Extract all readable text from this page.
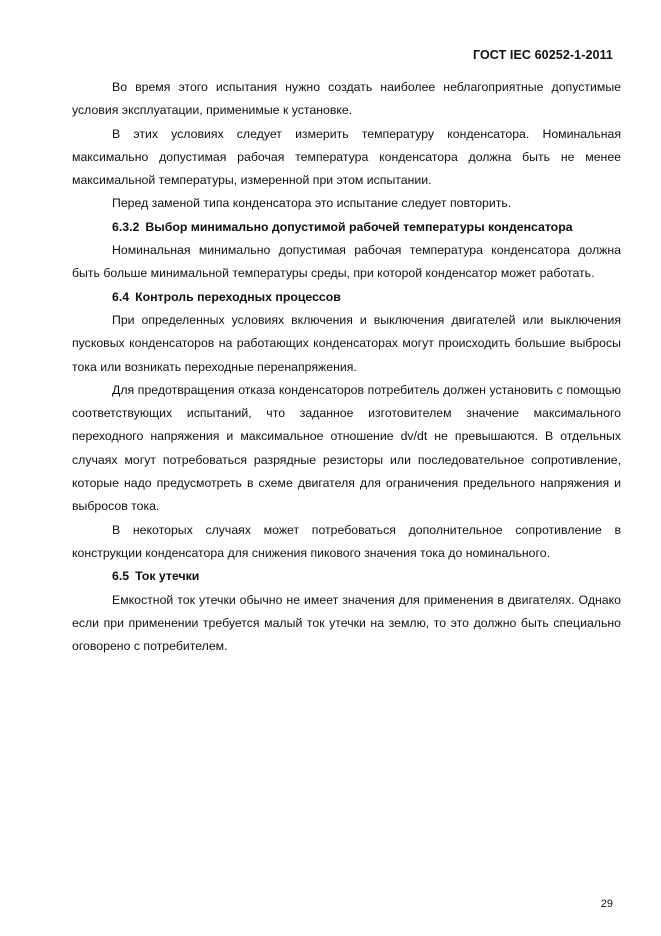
ГОСТ IEC 60252-1-2011

Во время этого испытания нужно создать наиболее неблагоприятные допустимые условия эксплуатации, применимые к установке.

В этих условиях следует измерить температуру конденсатора. Номинальная максимально допустимая рабочая температура конденсатора должна быть не менее максимальной температуры, измеренной при этом испытании.

Перед заменой типа конденсатора это испытание следует повторить.

6.3.2 Выбор минимально допустимой рабочей температуры конденсатора

Номинальная минимально допустимая рабочая температура конденсатора должна быть больше минимальной температуры среды, при которой конденсатор может работать.

6.4 Контроль переходных процессов

При определенных условиях включения и выключения двигателей или выключения пусковых конденсаторов на работающих конденсаторах могут происходить большие выбросы тока или возникать переходные перенапряжения.

Для предотвращения отказа конденсаторов потребитель должен установить с помощью соответствующих испытаний, что заданное изготовителем значение максимального переходного напряжения и максимальное отношение dv/dt не превышаются. В отдельных случаях могут потребоваться разрядные резисторы или последовательное сопротивление, которые надо предусмотреть в схеме двигателя для ограничения предельного напряжения и выбросов тока.

В некоторых случаях может потребоваться дополнительное сопротивление в конструкции конденсатора для снижения пикового значения тока до номинального.

6.5 Ток утечки

Емкостной ток утечки обычно не имеет значения для применения в двигателях. Однако если при применении требуется малый ток утечки на землю, то это должно быть специально оговорено с потребителем.

29
